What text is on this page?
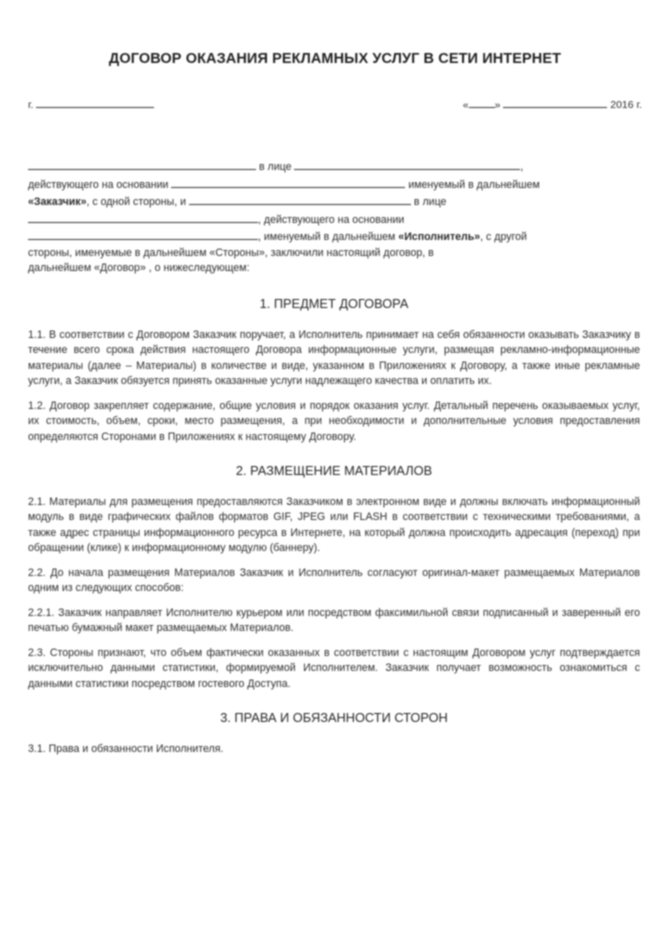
ДОГОВОР ОКАЗАНИЯ РЕКЛАМНЫХ УСЛУГ В СЕТИ ИНТЕРНЕТ
г.	« »	2016 г.

в лице	,

действующего на основании	именуемый в дальнейшем

«Заказчик», с одной стороны, и	в лице

, действующего на основании

, именуемый в дальнейшем «Исполнитель», с другой

стороны, именуемые в дальнейшем «Стороны», заключили настоящий договор, в

дальнейшем «Договор» , о нижеследующем:

1. ПРЕДМЕТ ДОГОВОРА

1.1. В соответствии с Договором Заказчик поручает, а Исполнитель принимает на себя обязанности оказывать Заказчику в течение всего срока действия настоящего Договора информационные услуги, размещая рекламно-информационные материалы (далее – Материалы) в количестве и виде, указанном в Приложениях к Договору, а также иные рекламные услуги, а Заказчик обязуется принять оказанные услуги надлежащего качества и оплатить их.

1.2. Договор закрепляет содержание, общие условия и порядок оказания услуг. Детальный перечень оказываемых услуг, их стоимость, объем, сроки, место размещения, а при необходимости и дополнительные условия предоставления определяются Сторонами в Приложениях к настоящему Договору.

2. РАЗМЕЩЕНИЕ МАТЕРИАЛОВ

2.1. Материалы для размещения предоставляются Заказчиком в электронном виде и должны включать информационный модуль в виде графических файлов форматов GIF, JPEG или FLASH в соответствии с техническими требованиями, а также адрес страницы информационного ресурса в Интернете, на который должна происходить адресация (переход) при обращении (клике) к информационному модулю (баннеру).

2.2. До начала размещения Материалов Заказчик и Исполнитель согласуют оригинал-макет размещаемых Материалов одним из следующих способов:

2.2.1. Заказчик направляет Исполнителю курьером или посредством факсимильной связи подписанный и заверенный его печатью бумажный макет размещаемых Материалов.

2.3. Стороны признают, что объем фактически оказанных в соответствии с настоящим Договором услуг подтверждается исключительно данными статистики, формируемой Исполнителем. Заказчик получает возможность ознакомиться с данными статистики посредством гостевого Доступа.

3. ПРАВА И ОБЯЗАННОСТИ СТОРОН

3.1. Права и обязанности Исполнителя.
